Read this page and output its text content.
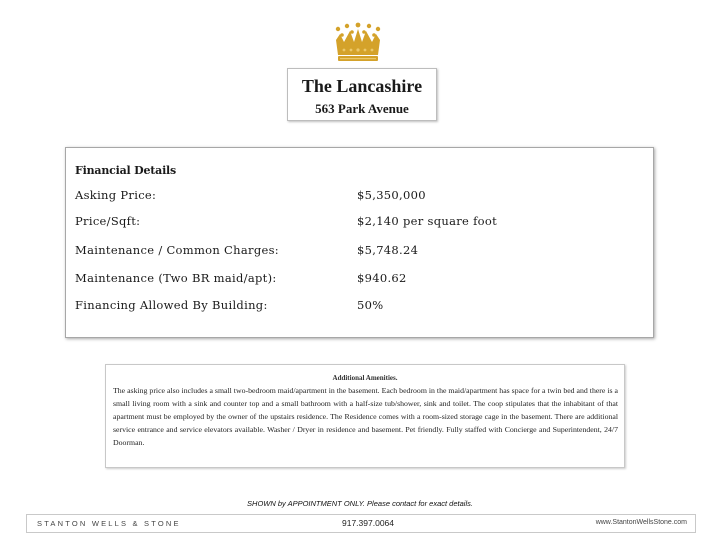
The Lancashire
563 Park Avenue
Financial Details
Asking Price:	$5,350,000
Price/Sqft:	$2,140 per square foot
Maintenance / Common Charges:	$5,748.24
Maintenance (Two BR maid/apt):	$940.62
Financing Allowed By Building:	50%
Additional Amenities.
The asking price also includes a small two-bedroom maid/apartment in the basement. Each bedroom in the maid/apartment has space for a twin bed and there is a small living room with a sink and counter top and a small bathroom with a half-size tub/shower, sink and toilet. The coop stipulates that the inhabitant of that apartment must be employed by the owner of the upstairs residence. The Residence comes with a room-sized storage cage in the basement. There are additional service entrance and service elevators available. Washer / Dryer in residence and basement. Pet friendly. Fully staffed with Concierge and Superintendent, 24/7 Doorman.
SHOWN by APPOINTMENT ONLY. Please contact for exact details.
STANTON WELLS & STONE	917.397.0064	www.StantonWellsStone.com
